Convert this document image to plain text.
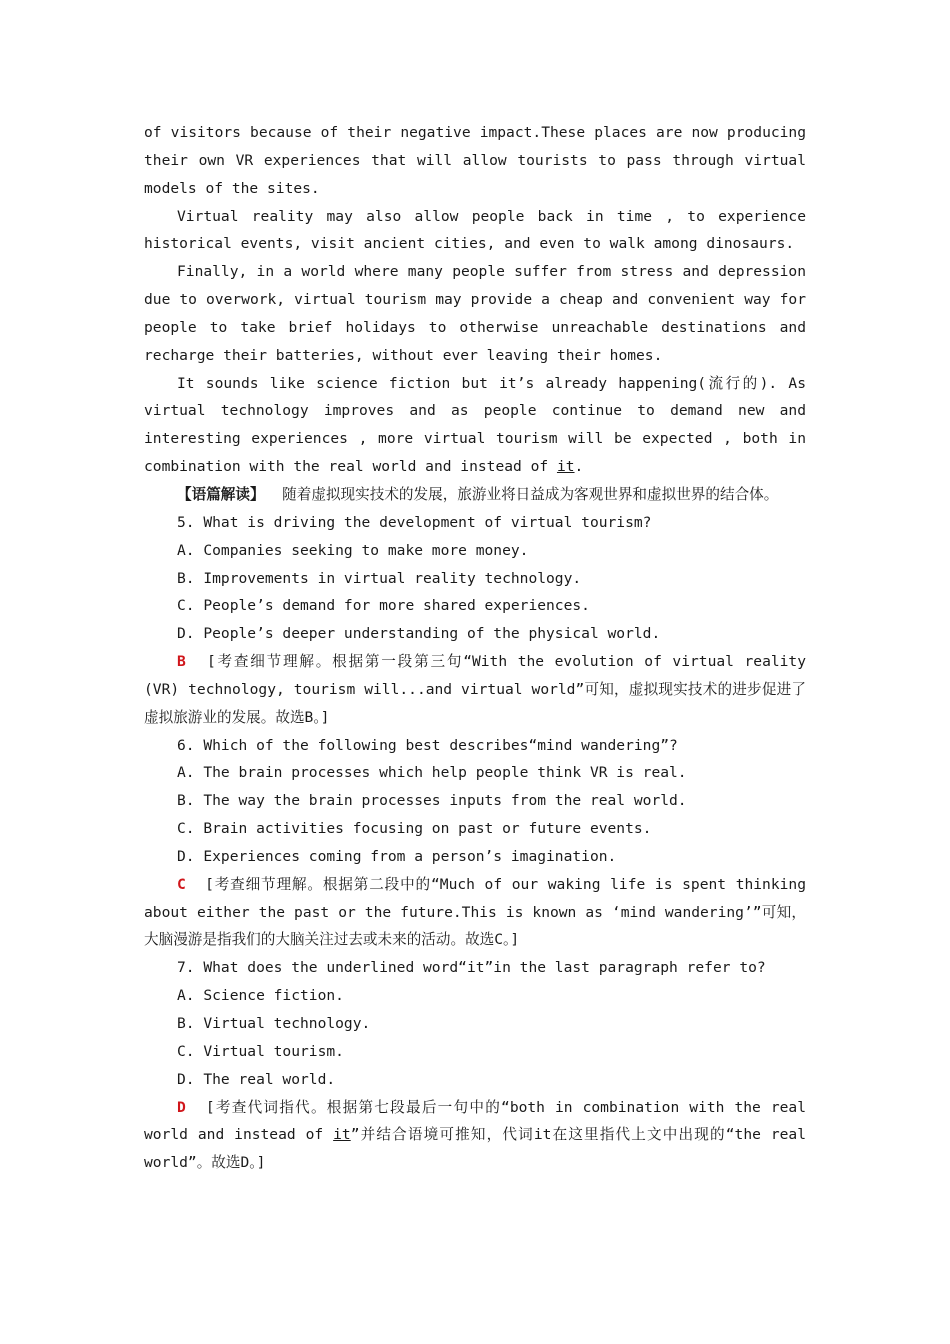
of visitors because of their negative impact.These places are now producing their own VR experiences that will allow tourists to pass through virtual models of the sites.

Virtual reality may also allow people back in time , to experience historical events, visit ancient cities, and even to walk among dinosaurs.

Finally, in a world where many people suffer from stress and depression due to overwork, virtual tourism may provide a cheap and convenient way for people to take brief holidays to otherwise unreachable destinations and recharge their batteries, without ever leaving their homes.

It sounds like science fiction but it’s already happening(流行的). As virtual technology improves and as people continue to demand new and interesting experiences , more virtual tourism will be expected , both in combination with the real world and instead of it.

【语篇解读】 随着虚拟现实技术的发展，旅游业将日益成为客观世界和虚拟世界的结合体。

5. What is driving the development of virtual tourism?

A. Companies seeking to make more money.

B. Improvements in virtual reality technology.

C. People’s demand for more shared experiences.

D. People’s deeper understanding of the physical world.

B [考查细节理解。根据第一段第三句“With the evolution of virtual reality (VR) technology, tourism will...and virtual world”可知，虚拟现实技术的进步促进了虚拟旅游业的发展。故选B。]

6. Which of the following best describes“mind wandering”?

A. The brain processes which help people think VR is real.

B. The way the brain processes inputs from the real world.

C. Brain activities focusing on past or future events.

D. Experiences coming from a person’s imagination.

C [考查细节理解。根据第二段中的“Much of our waking life is spent thinking about either the past or the future.This is known as ‘mind wandering’”可知，大脑漫游是指我们的大脑关注过去或未来的活动。故选C。]

7. What does the underlined word“it”in the last paragraph refer to?

A. Science fiction.

B. Virtual technology.

C. Virtual tourism.

D. The real world.

D [考查代词指代。根据第七段最后一句中的“both in combination with the real world and instead of it”并结合语境可推知，代词it在这里指代上文中出现的“the real world”。故选D。]
